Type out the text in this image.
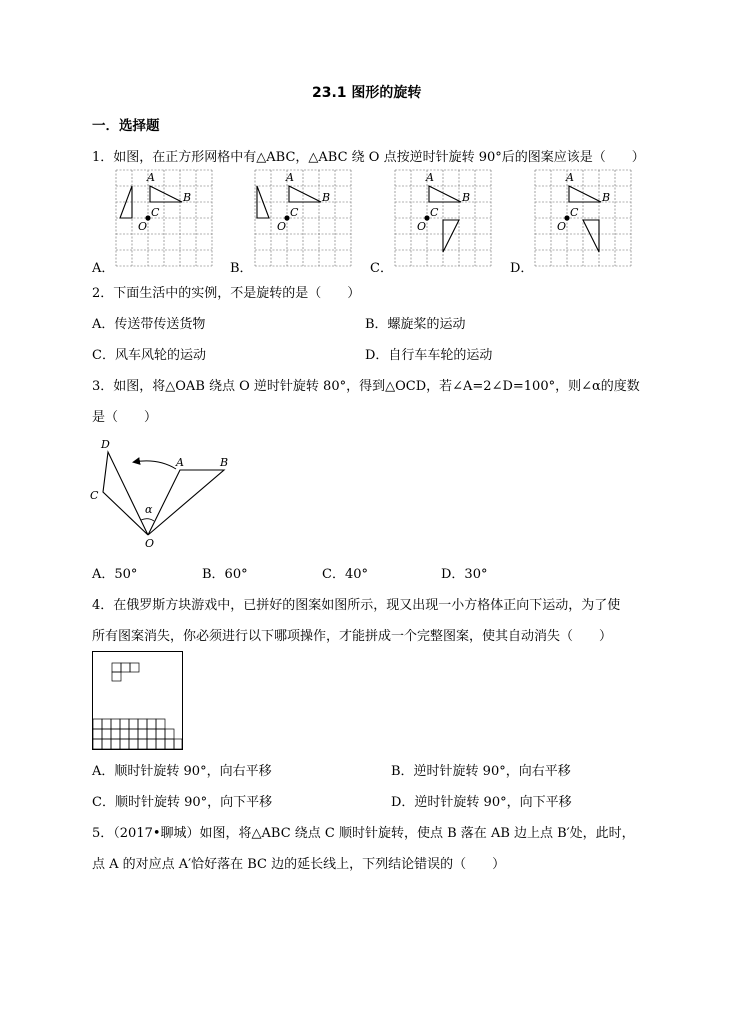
23.1 图形的旋转
一．选择题
1．如图，在正方形网格中有△ABC，△ABC 绕 O 点按逆时针旋转 90°后的图案应该是（　　）
A
B
C
O
A
B
C
O
A
B
C
O
A
B
C
O
A．	B．	C．	D．
2．下面生活中的实例，不是旋转的是（　　）
A．传送带传送货物	B．螺旋桨的运动
C．风车风轮的运动	D．自行车车轮的运动
3．如图，将△OAB 绕点 O 逆时针旋转 80°，得到△OCD，若∠A=2∠D=100°，则∠α的度数
是（　　）
D
A	B
C
O
α
A．50°	B．60°	C．40°	D．30°
4．在俄罗斯方块游戏中，已拼好的图案如图所示，现又出现一小方格体正向下运动，为了使
所有图案消失，你必须进行以下哪项操作，才能拼成一个完整图案，使其自动消失（　　）
A．顺时针旋转 90°，向右平移	B．逆时针旋转 90°，向右平移
C．顺时针旋转 90°，向下平移	D．逆时针旋转 90°，向下平移
5．（2017•聊城）如图，将△ABC 绕点 C 顺时针旋转，使点 B 落在 AB 边上点 B′处，此时，
点 A 的对应点 A′恰好落在 BC 边的延长线上，下列结论错误的（　　）
